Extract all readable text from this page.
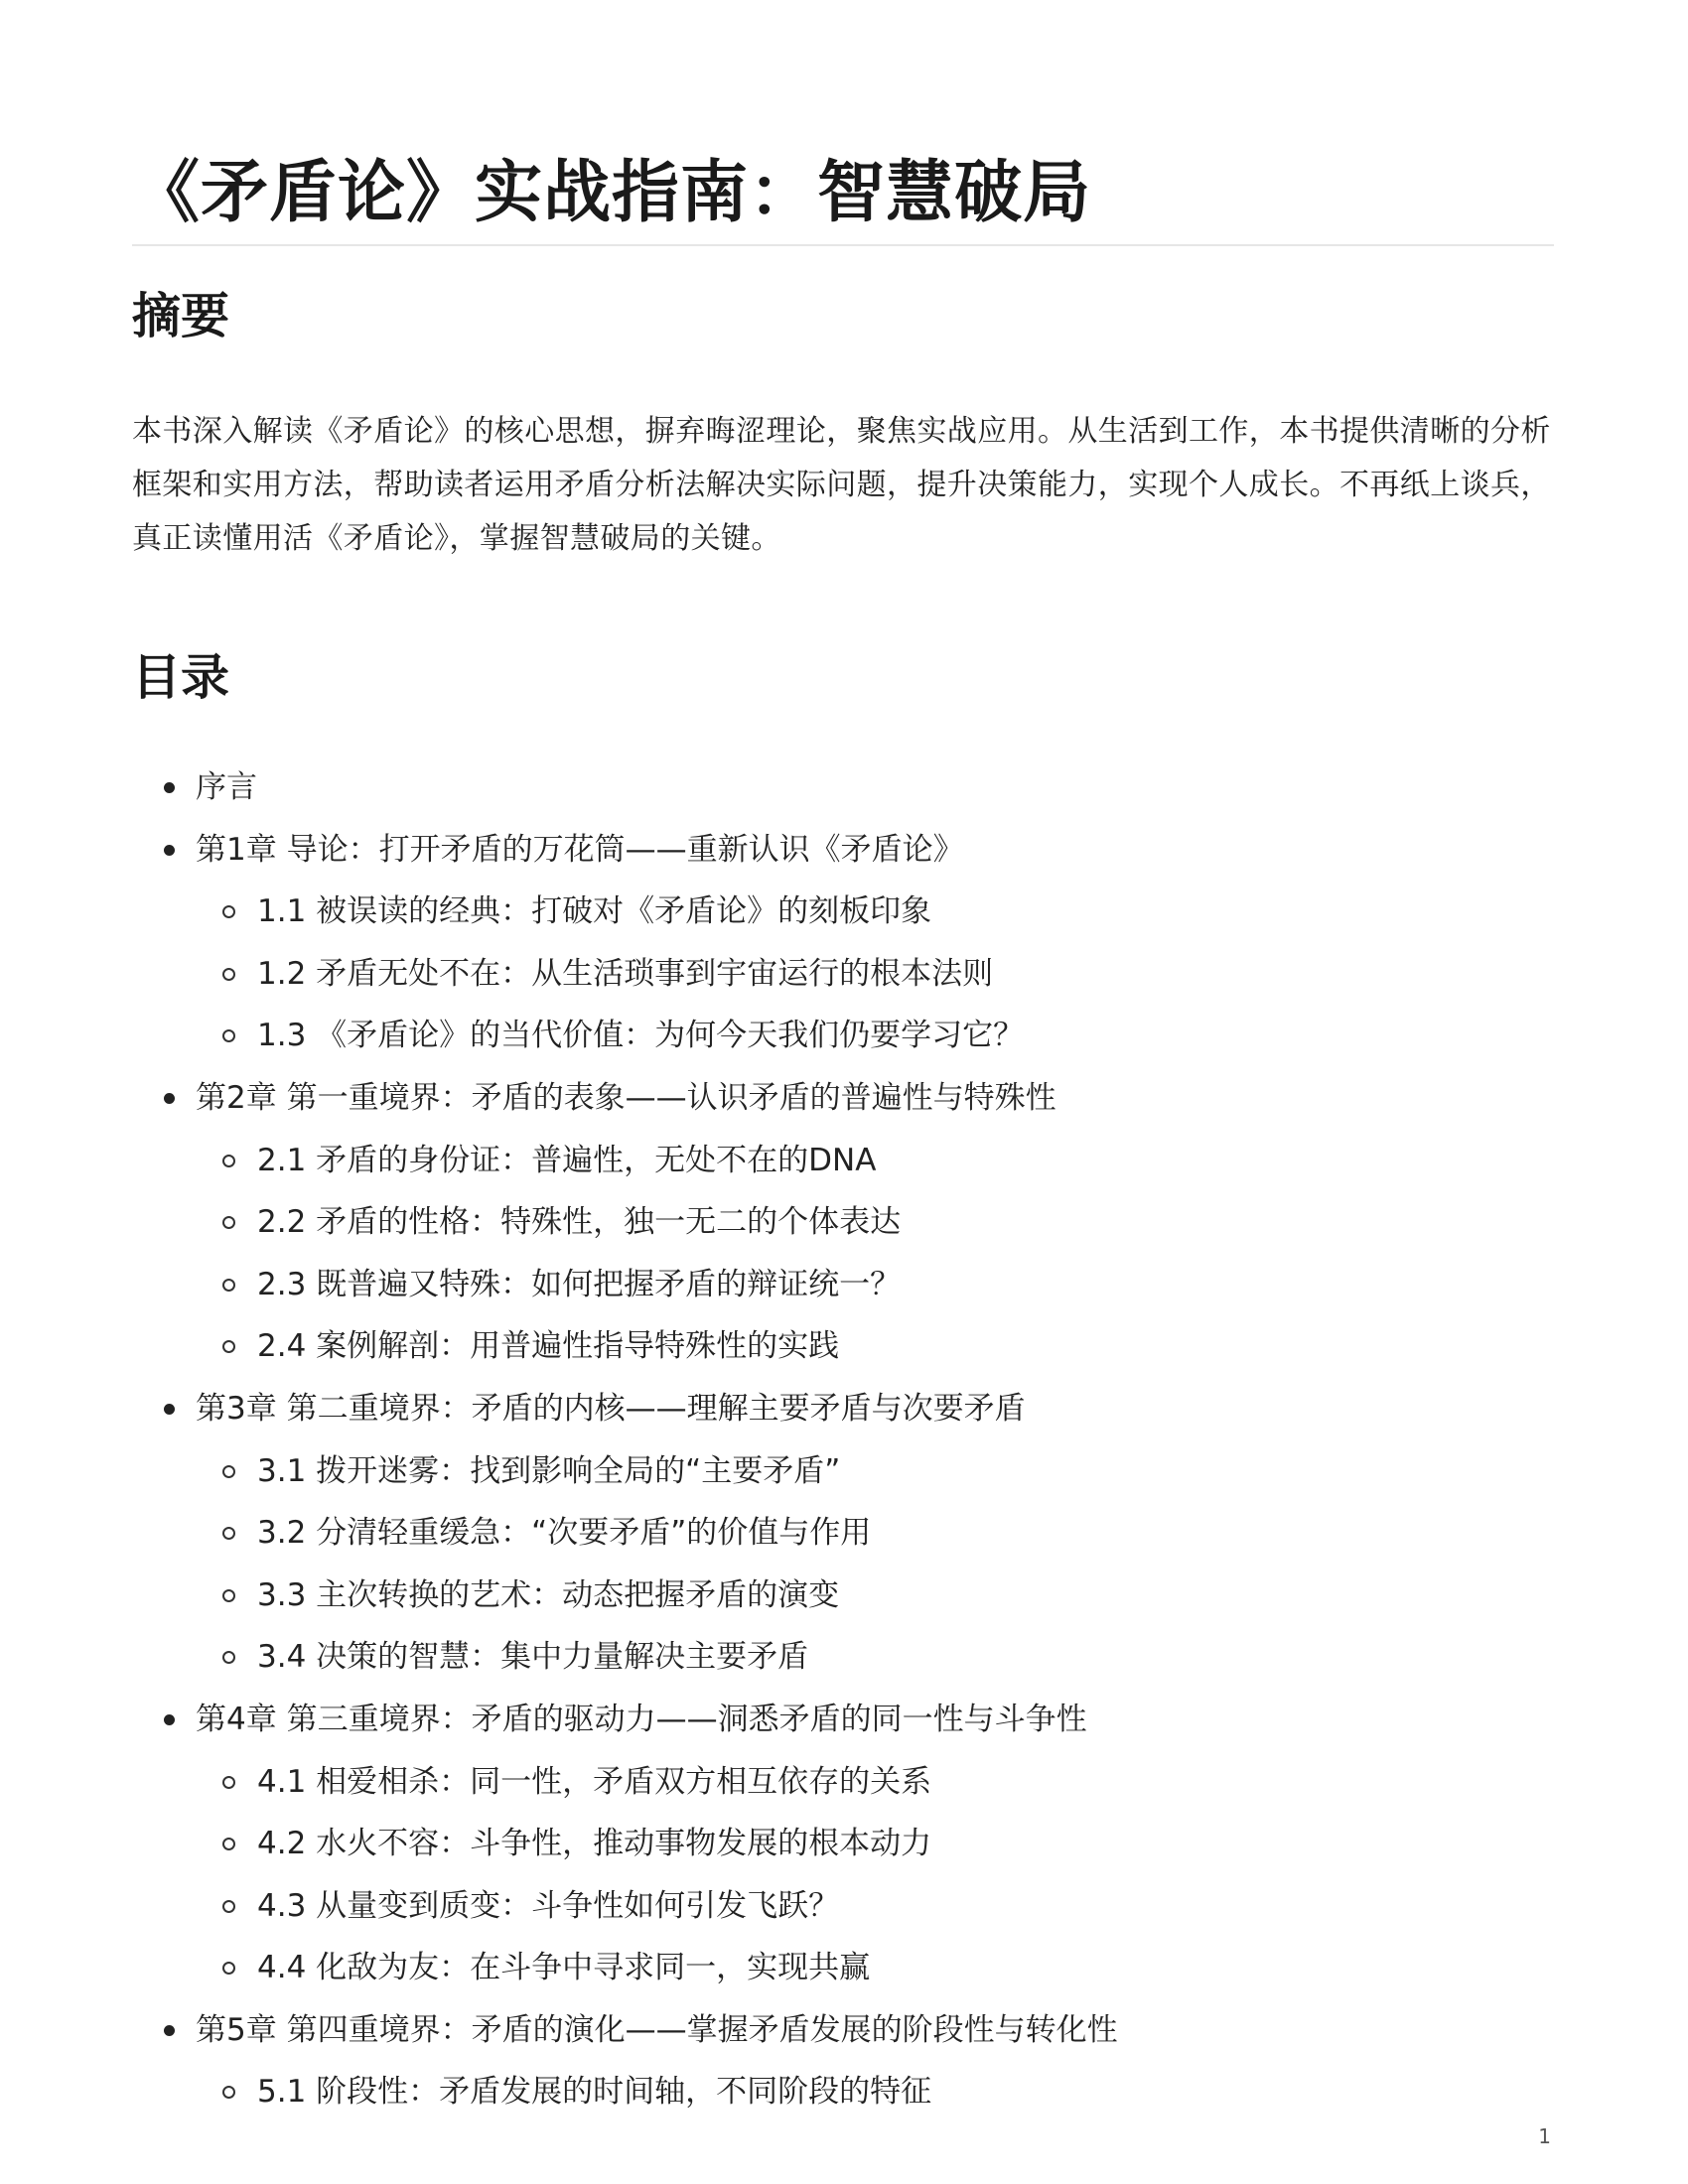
《矛盾论》实战指南：智慧破局
摘要

本书深入解读《矛盾论》的核心思想，摒弃晦涩理论，聚焦实战应用。从生活到工作，本书提供清晰的分析框架和实用方法，帮助读者运用矛盾分析法解决实际问题，提升决策能力，实现个人成长。不再纸上谈兵，真正读懂用活《矛盾论》，掌握智慧破局的关键。

目录
序言
第1章 导论：打开矛盾的万花筒——重新认识《矛盾论》
1.1 被误读的经典：打破对《矛盾论》的刻板印象
1.2 矛盾无处不在：从生活琐事到宇宙运行的根本法则
1.3 《矛盾论》的当代价值：为何今天我们仍要学习它？
第2章 第一重境界：矛盾的表象——认识矛盾的普遍性与特殊性
2.1 矛盾的身份证：普遍性，无处不在的DNA
2.2 矛盾的性格：特殊性，独一无二的个体表达
2.3 既普遍又特殊：如何把握矛盾的辩证统一？
2.4 案例解剖：用普遍性指导特殊性的实践
第3章 第二重境界：矛盾的内核——理解主要矛盾与次要矛盾
3.1 拨开迷雾：找到影响全局的“主要矛盾”
3.2 分清轻重缓急：“次要矛盾”的价值与作用
3.3 主次转换的艺术：动态把握矛盾的演变
3.4 决策的智慧：集中力量解决主要矛盾
第4章 第三重境界：矛盾的驱动力——洞悉矛盾的同一性与斗争性
4.1 相爱相杀：同一性，矛盾双方相互依存的关系
4.2 水火不容：斗争性，推动事物发展的根本动力
4.3 从量变到质变：斗争性如何引发飞跃？
4.4 化敌为友：在斗争中寻求同一，实现共赢
第5章 第四重境界：矛盾的演化——掌握矛盾发展的阶段性与转化性
5.1 阶段性：矛盾发展的时间轴，不同阶段的特征
1
